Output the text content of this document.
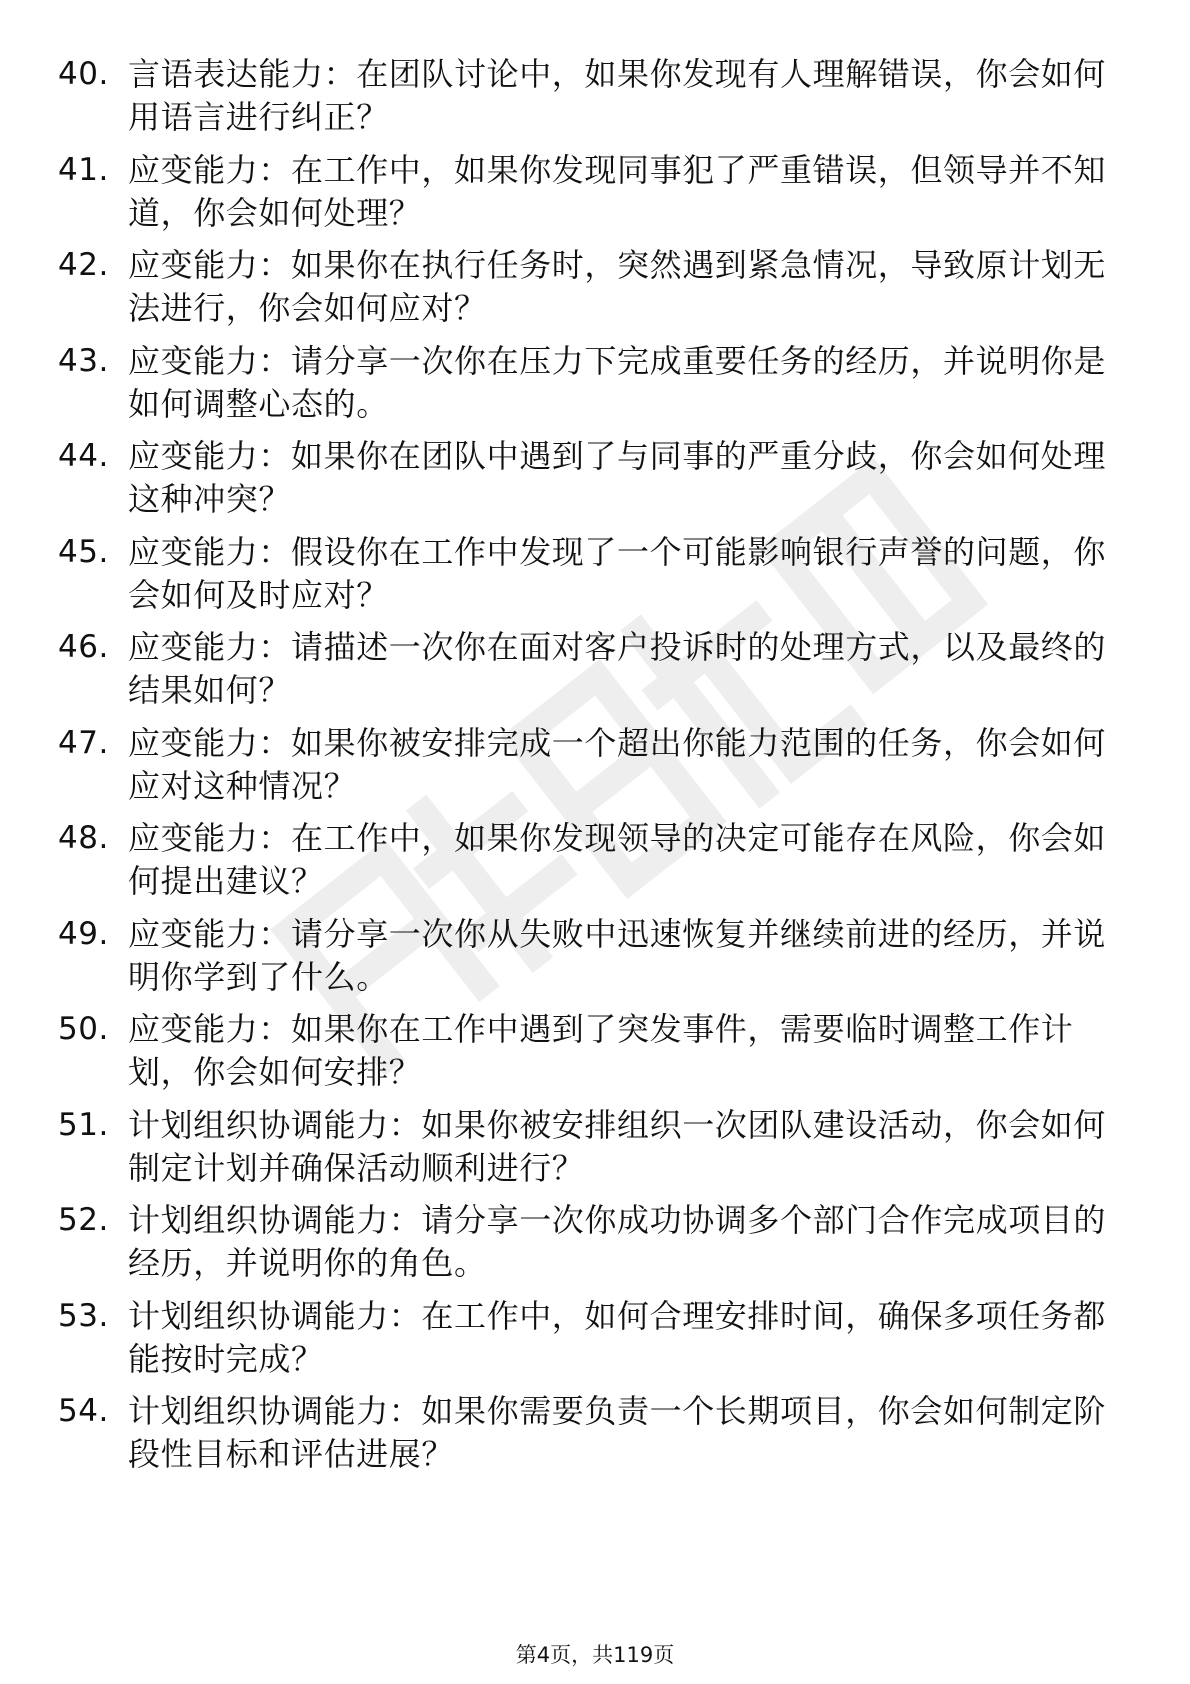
40. 言语表达能力：在团队讨论中，如果你发现有人理解错误，你会如何用语言进行纠正？
41. 应变能力：在工作中，如果你发现同事犯了严重错误，但领导并不知道，你会如何处理？
42. 应变能力：如果你在执行任务时，突然遇到紧急情况，导致原计划无法进行，你会如何应对？
43. 应变能力：请分享一次你在压力下完成重要任务的经历，并说明你是如何调整心态的。
44. 应变能力：如果你在团队中遇到了与同事的严重分歧，你会如何处理这种冲突？
45. 应变能力：假设你在工作中发现了一个可能影响银行声誉的问题，你会如何及时应对？
46. 应变能力：请描述一次你在面对客户投诉时的处理方式，以及最终的结果如何？
47. 应变能力：如果你被安排完成一个超出你能力范围的任务，你会如何应对这种情况？
48. 应变能力：在工作中，如果你发现领导的决定可能存在风险，你会如何提出建议？
49. 应变能力：请分享一次你从失败中迅速恢复并继续前进的经历，并说明你学到了什么。
50. 应变能力：如果你在工作中遇到了突发事件，需要临时调整工作计划，你会如何安排？
51. 计划组织协调能力：如果你被安排组织一次团队建设活动，你会如何制定计划并确保活动顺利进行？
52. 计划组织协调能力：请分享一次你成功协调多个部门合作完成项目的经历，并说明你的角色。
53. 计划组织协调能力：在工作中，如何合理安排时间，确保多项任务都能按时完成？
54. 计划组织协调能力：如果你需要负责一个长期项目，你会如何制定阶段性目标和评估进展？
第4页，共119页
